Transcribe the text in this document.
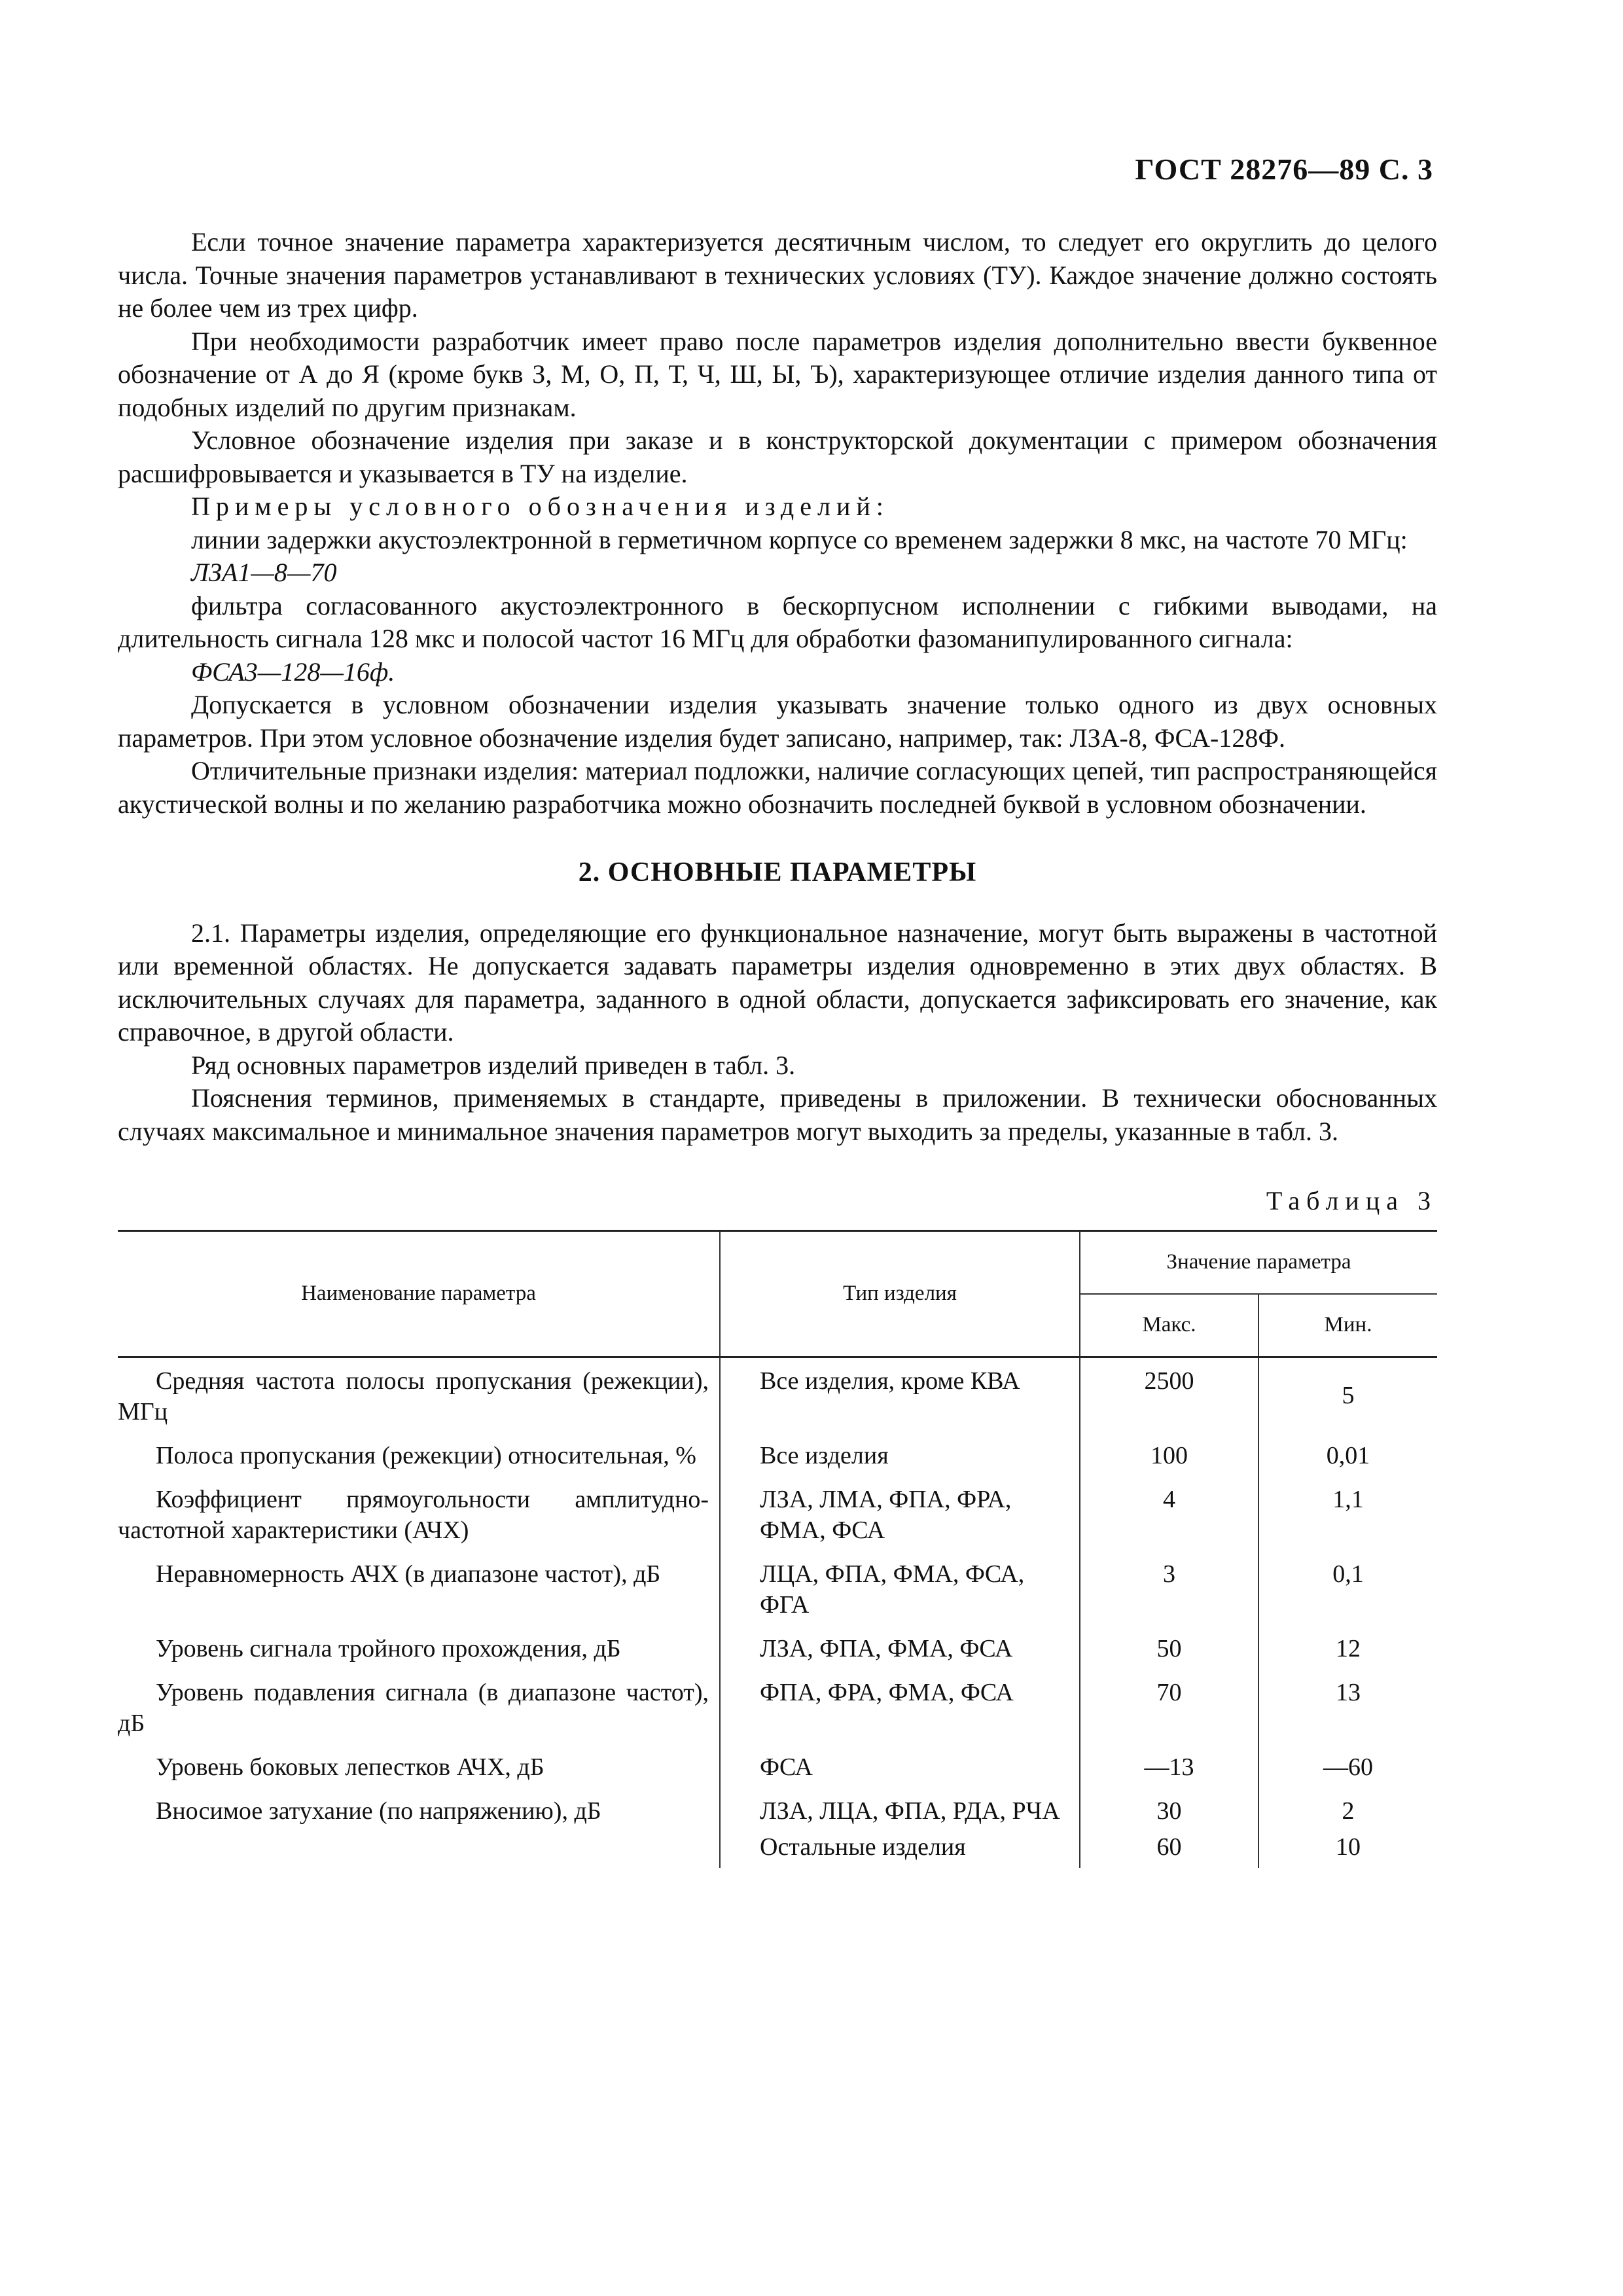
ГОСТ 28276—89 С. 3

Если точное значение параметра характеризуется десятичным числом, то следует его округлить до целого числа. Точные значения параметров устанавливают в технических условиях (ТУ). Каждое значение должно состоять не более чем из трех цифр.

При необходимости разработчик имеет право после параметров изделия дополнительно ввести буквенное обозначение от А до Я (кроме букв З, М, О, П, Т, Ч, Ш, Ы, Ъ), характеризующее отличие изделия данного типа от подобных изделий по другим признакам.

Условное обозначение изделия при заказе и в конструкторской документации с примером обозначения расшифровывается и указывается в ТУ на изделие.

Примеры условного обозначения изделий:

линии задержки акустоэлектронной в герметичном корпусе со временем задержки 8 мкс, на частоте 70 МГц:

ЛЗА1—8—70

фильтра согласованного акустоэлектронного в бескорпусном исполнении с гибкими выводами, на длительность сигнала 128 мкс и полосой частот 16 МГц для обработки фазоманипулированного сигнала:

ФСА3—128—16ф.

Допускается в условном обозначении изделия указывать значение только одного из двух основных параметров. При этом условное обозначение изделия будет записано, например, так: ЛЗА-8, ФСА-128Ф.

Отличительные признаки изделия: материал подложки, наличие согласующих цепей, тип распространяющейся акустической волны и по желанию разработчика можно обозначить последней буквой в условном обозначении.

2. ОСНОВНЫЕ ПАРАМЕТРЫ

2.1. Параметры изделия, определяющие его функциональное назначение, могут быть выражены в частотной или временной областях. Не допускается задавать параметры изделия одновременно в этих двух областях. В исключительных случаях для параметра, заданного в одной области, допускается зафиксировать его значение, как справочное, в другой области.

Ряд основных параметров изделий приведен в табл. 3.

Пояснения терминов, применяемых в стандарте, приведены в приложении. В технически обоснованных случаях максимальное и минимальное значения параметров могут выходить за пределы, указанные в табл. 3.

Таблица 3
Наименование параметра	Тип изделия	Значение параметра	
		Макс.	Мин.
Средняя частота полосы пропускания (режекции), МГц	Все изделия, кроме КВА	2500	5
Полоса пропускания (режекции) относительная, %	Все изделия	100	0,01
Коэффициент прямоугольности амплитудно-частотной характеристики (АЧХ)	ЛЗА, ЛМА, ФПА, ФРА, ФМА, ФСА	4	1,1
Неравномерность АЧХ (в диапазоне частот), дБ	ЛЦА, ФПА, ФМА, ФСА, ФГА	3	0,1
Уровень сигнала тройного прохождения, дБ	ЛЗА, ФПА, ФМА, ФСА	50	12
Уровень подавления сигнала (в диапазоне частот), дБ	ФПА, ФРА, ФМА, ФСА	70	13
Уровень боковых лепестков АЧХ, дБ	ФСА	—13	—60
Вносимое затухание (по напряжению), дБ	ЛЗА, ЛЦА, ФПА, РДА, РЧА	30	2
	Остальные изделия	60	10
